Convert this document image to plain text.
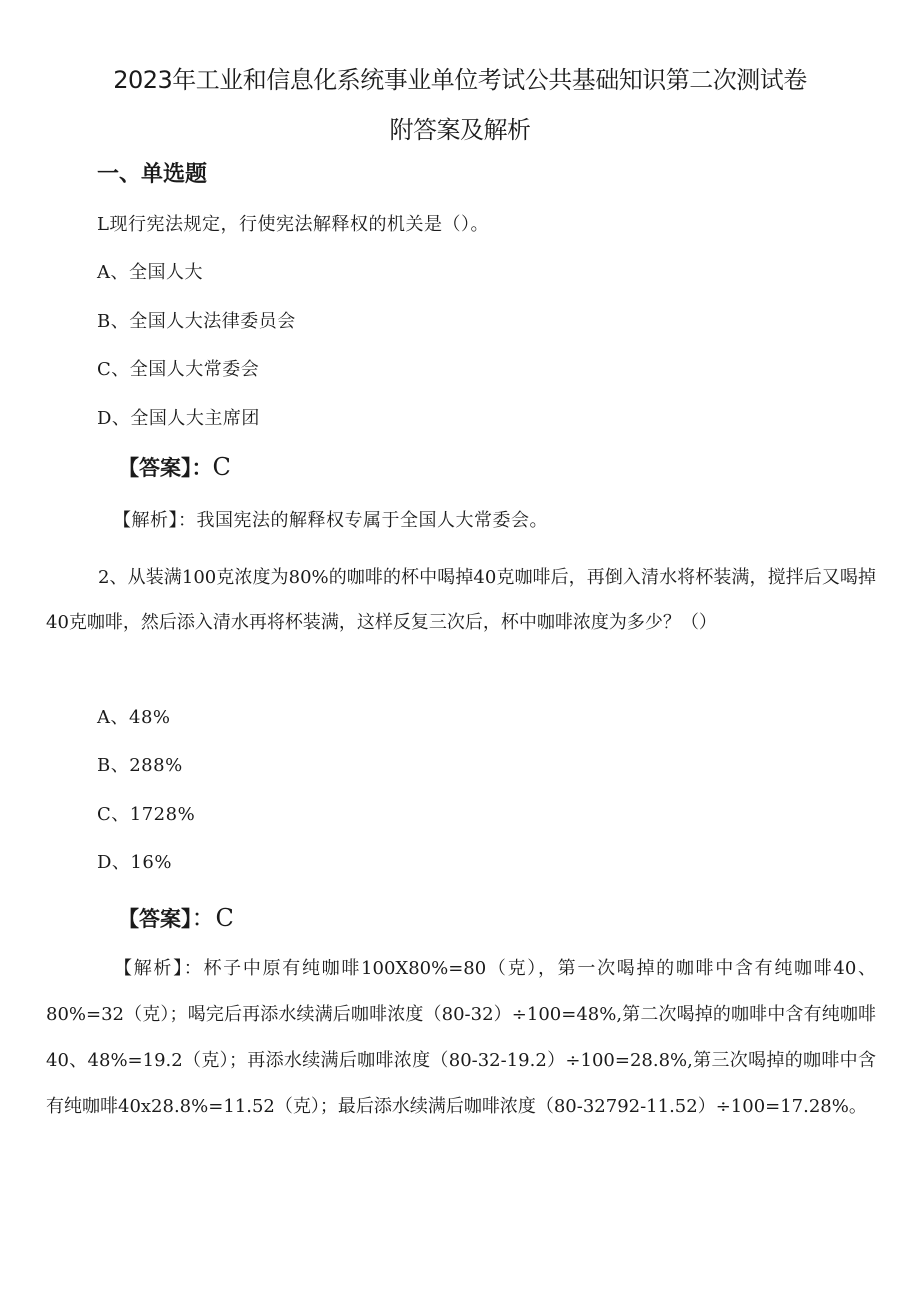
2023年工业和信息化系统事业单位考试公共基础知识第二次测试卷
附答案及解析
一、单选题
L现行宪法规定，行使宪法解释权的机关是（）。
A、全国人大
B、全国人大法律委员会
C、全国人大常委会
D、全国人大主席团
【答案】：C
【解析】：我国宪法的解释权专属于全国人大常委会。
2、从装满100克浓度为80%的咖啡的杯中喝掉40克咖啡后，再倒入清水将杯装满，搅拌后又喝掉40克咖啡，然后添入清水再将杯装满，这样反复三次后，杯中咖啡浓度为多少？（）
A、48%
B、288%
C、1728%
D、16%
【答案】：C
【解析】：杯子中原有纯咖啡100X80%=80（克），第一次喝掉的咖啡中含有纯咖啡40、80%=32（克）；喝完后再添水续满后咖啡浓度（80-32）÷100=48%,第二次喝掉的咖啡中含有纯咖啡40、48%=19.2（克）；再添水续满后咖啡浓度（80-32-19.2）÷100=28.8%,第三次喝掉的咖啡中含有纯咖啡40x28.8%=11.52（克）；最后添水续满后咖啡浓度（80-32792-11.52）÷100=17.28%。
